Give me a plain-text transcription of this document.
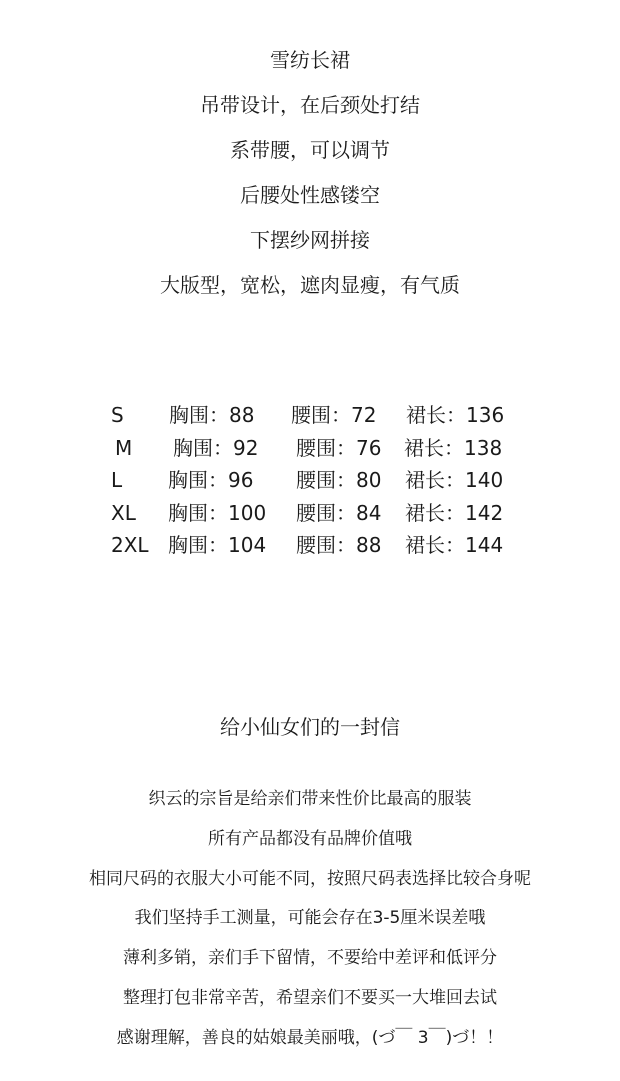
雪纺长裙
吊带设计，在后颈处打结
系带腰，可以调节
后腰处性感镂空
下摆纱网拼接
大版型，宽松，遮肉显瘦，有气质
S 胸围：88 腰围：72 裙长：136
M 胸围：92 腰围：76 裙长：138
L 胸围：96 腰围：80 裙长：140
XL 胸围：100 腰围：84 裙长：142
2XL 胸围：104 腰围：88 裙长：144
给小仙女们的一封信
织云的宗旨是给亲们带来性价比最高的服装
所有产品都没有品牌价值哦
相同尺码的衣服大小可能不同，按照尺码表选择比较合身呢
我们坚持手工测量，可能会存在3-5厘米误差哦
薄利多销，亲们手下留情，不要给中差评和低评分
整理打包非常辛苦，希望亲们不要买一大堆回去试
感谢理解，善良的姑娘最美丽哦，(づ￣ 3￣)づ！！
